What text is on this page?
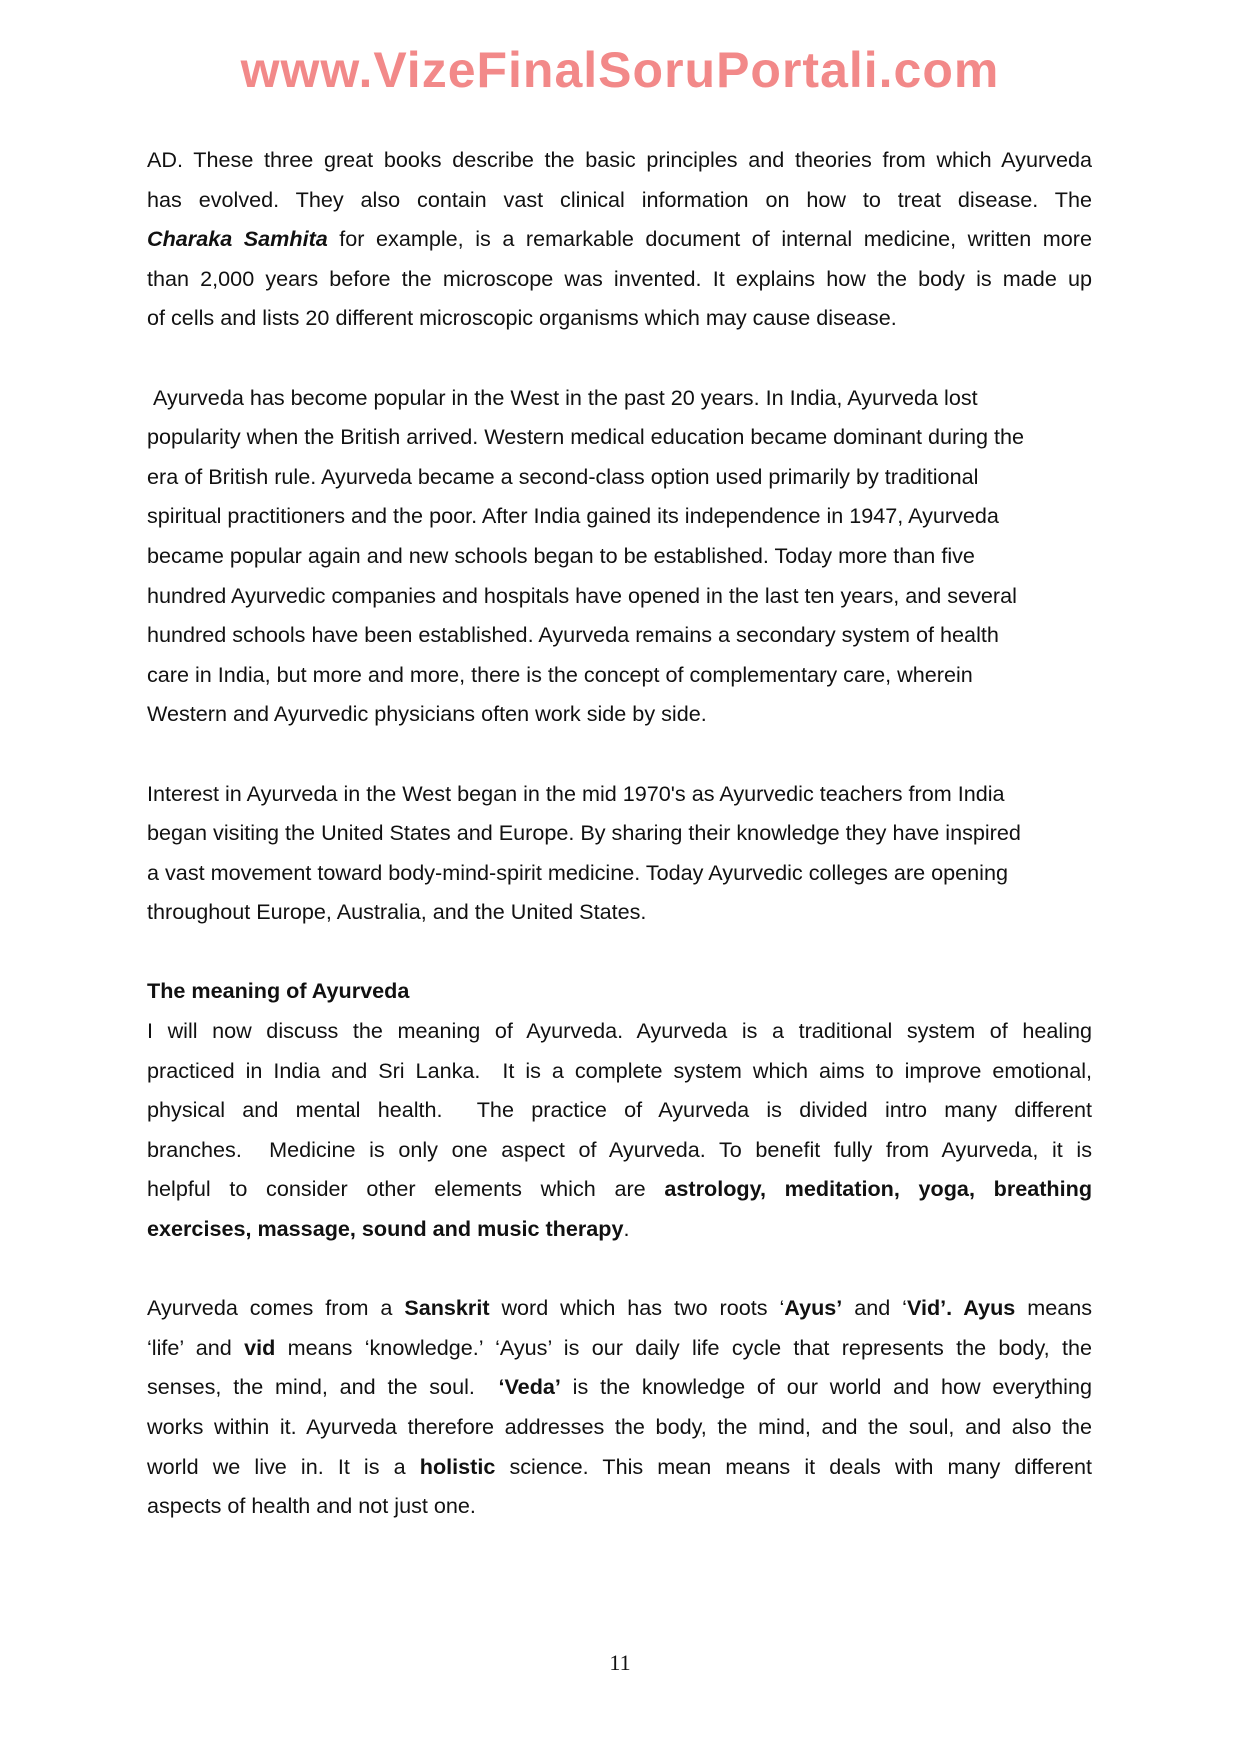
www.VizeFinalSoruPortali.com
AD. These three great books describe the basic principles and theories from which Ayurveda
has evolved. They also contain vast clinical information on how to treat disease. The
Charaka Samhita for example, is a remarkable document of internal medicine, written more
than 2,000 years before the microscope was invented. It explains how the body is made up
of cells and lists 20 different microscopic organisms which may cause disease.
Ayurveda has become popular in the West in the past 20 years. In India, Ayurveda lost
popularity when the British arrived. Western medical education became dominant during the
era of British rule. Ayurveda became a second-class option used primarily by traditional
spiritual practitioners and the poor. After India gained its independence in 1947, Ayurveda
became popular again and new schools began to be established. Today more than five
hundred Ayurvedic companies and hospitals have opened in the last ten years, and several
hundred schools have been established. Ayurveda remains a secondary system of health
care in India, but more and more, there is the concept of complementary care, wherein
Western and Ayurvedic physicians often work side by side.
Interest in Ayurveda in the West began in the mid 1970's as Ayurvedic teachers from India
began visiting the United States and Europe. By sharing their knowledge they have inspired
a vast movement toward body-mind-spirit medicine. Today Ayurvedic colleges are opening
throughout Europe, Australia, and the United States.
The meaning of Ayurveda
I will now discuss the meaning of Ayurveda. Ayurveda is a traditional system of healing
practiced in India and Sri Lanka.  It is a complete system which aims to improve emotional,
physical and mental health.  The practice of Ayurveda is divided intro many different
branches.  Medicine is only one aspect of Ayurveda. To benefit fully from Ayurveda, it is
helpful to consider other elements which are astrology, meditation, yoga, breathing
exercises, massage, sound and music therapy.
Ayurveda comes from a Sanskrit word which has two roots ‘Ayus’ and ‘Vid’. Ayus means
‘life’ and vid means ‘knowledge.’ ‘Ayus’ is our daily life cycle that represents the body, the
senses, the mind, and the soul.  ‘Veda’ is the knowledge of our world and how everything
works within it. Ayurveda therefore addresses the body, the mind, and the soul, and also the
world we live in. It is a holistic science. This mean means it deals with many different
aspects of health and not just one.
11
